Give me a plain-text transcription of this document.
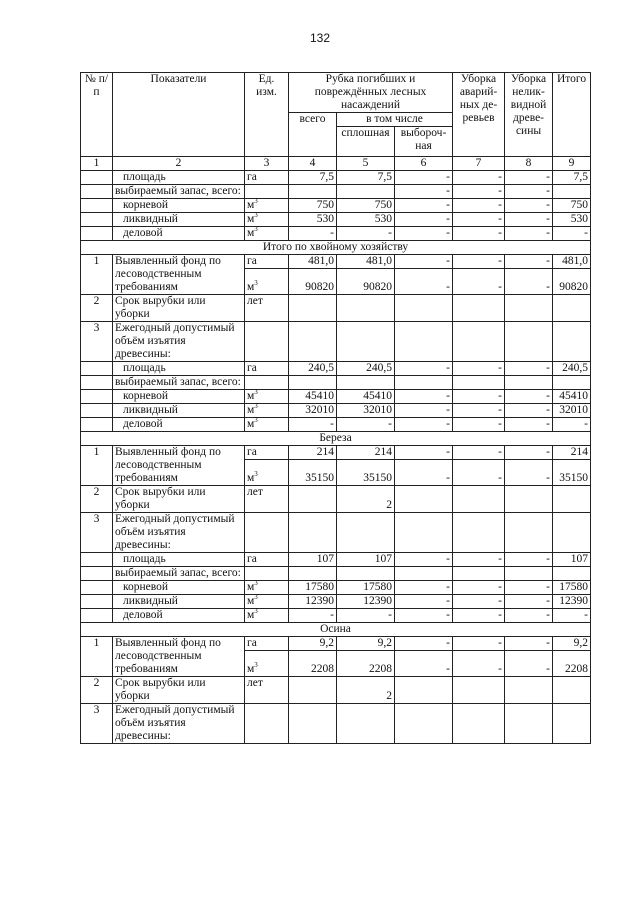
132
№ п/п	Показатели	Ед. изм.	Рубка погибших и повреждённых лесных насаждений			Уборка аварий-ных де-ревьев	Уборка нелик-видной древе-сины	Итого
			всего	в том числе				
				сплошная	выбороч-ная			
1	2	3	4	5	6	7	8	9
	площадь	га	7,5	7,5	-	-	-	7,5
	выбираемый запас, всего:				-	-	-	
	корневой	$м^3$	750	750	-	-	-	750
	ликвидный	$м^3$	530	530	-	-	-	530
	деловой	$м^3$	-	-	-	-	-	-
Итого по хвойному хозяйству								
1	Выявленный фонд по лесоводственным требованиям	га	481,0	481,0	-	-	-	481,0
		$м^3$	90820	90820	-	-	-	90820
2	Срок вырубки или уборки	лет						
3	Ежегодный допустимый объём изъятия древесины:							
	площадь	га	240,5	240,5	-	-	-	240,5
	выбираемый запас, всего:							
	корневой	$м^3$	45410	45410	-	-	-	45410
	ликвидный	$м^3$	32010	32010	-	-	-	32010
	деловой	$м^3$	-	-	-	-	-	-
Береза								
1	Выявленный фонд по лесоводственным требованиям	га	214	214	-	-	-	214
		$м^3$	35150	35150	-	-	-	35150
2	Срок вырубки или уборки	лет		2				
3	Ежегодный допустимый объём изъятия древесины:							
	площадь	га	107	107	-	-	-	107
	выбираемый запас, всего:							
	корневой	$м^3$	17580	17580	-	-	-	17580
	ликвидный	$м^3$	12390	12390	-	-	-	12390
	деловой	$м^3$	-	-	-	-	-	-
Осина								
1	Выявленный фонд по лесоводственным требованиям	га	9,2	9,2	-	-	-	9,2
		$м^3$	2208	2208	-	-	-	2208
2	Срок вырубки или уборки	лет		2				
3	Ежегодный допустимый объём изъятия древесины:							
